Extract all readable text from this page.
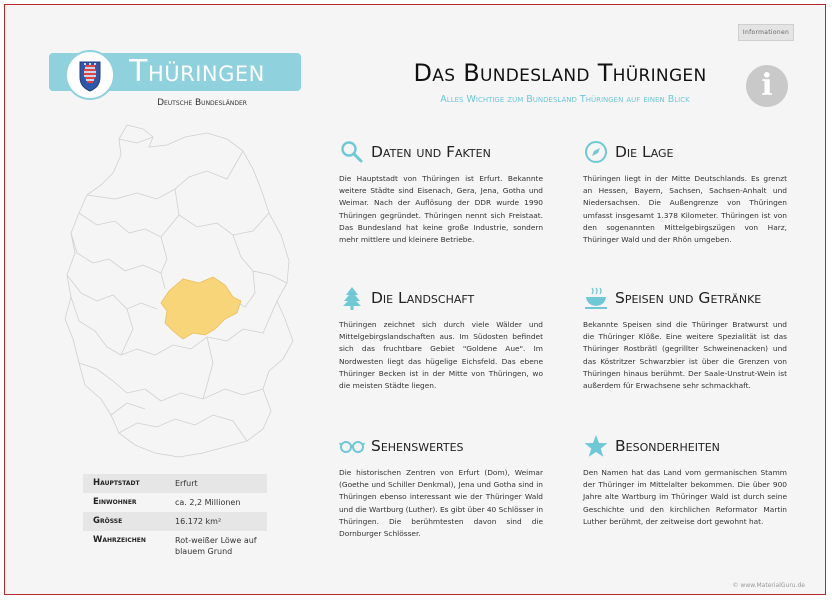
Informationen
Thüringen
Deutsche Bundesländer
Hauptstadt	Erfurt
Einwohner	ca. 2,2 Millionen
Größe	16.172 km²
Wahrzeichen	Rot-weißer Löwe auf blauem Grund
Das Bundesland Thüringen
Alles Wichtige zum Bundesland Thüringen auf einen Blick	i
Daten und Fakten
Die Hauptstadt von Thüringen ist Erfurt. Bekannte weitere Städte sind Eisenach, Gera, Jena, Gotha und Weimar. Nach der Auflösung der DDR wurde 1990 Thüringen gegründet. Thüringen nennt sich Freistaat. Das Bundesland hat keine große Industrie, sondern mehr mittlere und kleinere Betriebe.
Die Lage
Thüringen liegt in der Mitte Deutschlands. Es grenzt an Hessen, Bayern, Sachsen, Sachsen-Anhalt und Niedersachsen. Die Außengrenze von Thüringen umfasst insgesamt 1.378 Kilometer. Thüringen ist von den sogenannten Mittelgebirgszügen von Harz, Thüringer Wald und der Rhön umgeben.
Die Landschaft
Thüringen zeichnet sich durch viele Wälder und Mittelgebirgslandschaften aus. Im Südosten befindet sich das fruchtbare Gebiet "Goldene Aue". Im Nordwesten liegt das hügelige Eichsfeld. Das ebene Thüringer Becken ist in der Mitte von Thüringen, wo die meisten Städte liegen.
Speisen und Getränke
Bekannte Speisen sind die Thüringer Bratwurst und die Thüringer Klöße. Eine weitere Spezialität ist das Thüringer Rostbrätl (gegrillter Schweinenacken) und das Köstritzer Schwarzbier ist über die Grenzen von Thüringen hinaus berühmt. Der Saale-Unstrut-Wein ist außerdem für Erwachsene sehr schmackhaft.
Sehenswertes
Die historischen Zentren von Erfurt (Dom), Weimar (Goethe und Schiller Denkmal), Jena und Gotha sind in Thüringen ebenso interessant wie der Thüringer Wald und die Wartburg (Luther). Es gibt über 40 Schlösser in Thüringen. Die berühmtesten davon sind die Dornburger Schlösser.
Besonderheiten
Den Namen hat das Land vom germanischen Stamm der Thüringer im Mittelalter bekommen. Die über 900 Jahre alte Wartburg im Thüringer Wald ist durch seine Geschichte und den kirchlichen Reformator Martin Luther berühmt, der zeitweise dort gewohnt hat.
© www.MaterialGuru.de
